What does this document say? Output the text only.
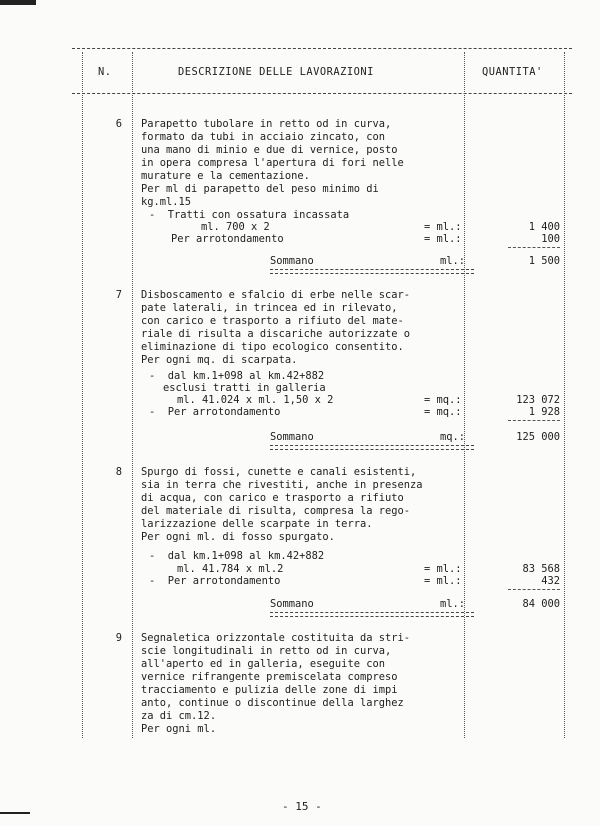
N.	DESCRIZIONE DELLE LAVORAZIONI	QUANTITA'
6 Parapetto tubolare in retto od in curva,
formato da tubi in acciaio zincato, con
una mano di minio e due di vernice, posto
in opera compresa l'apertura di fori nelle
murature e la cementazione.
Per ml di parapetto del peso minimo di
kg.ml.15
-  Tratti con ossatura incassata
ml. 700 x 2	= ml.:	1 400
Per arrotondamento	= ml.:	100
Sommano	ml.:	1 500
7 Disboscamento e sfalcio di erbe nelle scar-
pate laterali, in trincea ed in rilevato,
con carico e trasporto a rifiuto del mate-
riale di risulta a discariche autorizzate o
eliminazione di tipo ecologico consentito.
Per ogni mq. di scarpata.
-  dal km.1+098 al km.42+882
esclusi tratti in galleria
ml. 41.024 x ml. 1,50 x 2	= mq.:	123 072
-  Per arrotondamento	= mq.:	1 928
Sommano	mq.:	125 000
8 Spurgo di fossi, cunette e canali esistenti,
sia in terra che rivestiti, anche in presenza
di acqua, con carico e trasporto a rifiuto
del materiale di risulta, compresa la rego-
larizzazione delle scarpate in terra.
Per ogni ml. di fosso spurgato.
-  dal km.1+098 al km.42+882
ml. 41.784 x ml.2	= ml.:	83 568
-  Per arrotondamento	= ml.:	432
Sommano	ml.:	84 000
9 Segnaletica orizzontale costituita da stri-
scie longitudinali in retto od in curva,
all'aperto ed in galleria, eseguite con
vernice rifrangente premiscelata compreso
tracciamento e pulizia delle zone di impi
anto, continue o discontinue della larghez
za di cm.12.
Per ogni ml.
- 15 -
